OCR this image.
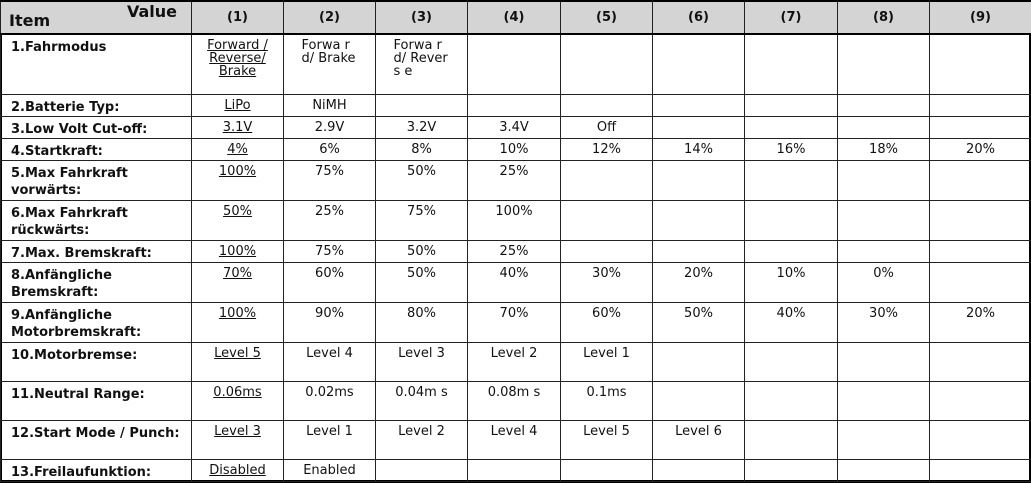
Item Value	(1)	(2)	(3)	(4)	(5)	(6)	(7)	(8)	(9)
1.Fahrmodus	Forward / Reverse/ Brake	Forwa rd/ Brake	Forwa rd/ Revers e						
2.Batterie Typ:	LiPo	NiMH							
3.Low Volt Cut-off:	3.1V	2.9V	3.2V	3.4V	Off				
4.Startkraft:	4%	6%	8%	10%	12%	14%	16%	18%	20%
5.Max Fahrkraft vorwärts:	100%	75%	50%	25%					
6.Max Fahrkraft rückwärts:	50%	25%	75%	100%					
7.Max. Bremskraft:	100%	75%	50%	25%					
8.Anfängliche Bremskraft:	70%	60%	50%	40%	30%	20%	10%	0%	
9.Anfängliche Motorbremskraft:	100%	90%	80%	70%	60%	50%	40%	30%	20%
10.Motorbremse:	Level 5	Level 4	Level 3	Level 2	Level 1				
11.Neutral Range:	0.06ms	0.02ms	0.04m s	0.08m s	0.1ms				
12.Start Mode / Punch:	Level 3	Level 1	Level 2	Level 4	Level 5	Level 6			
13.Freilaufunktion:	Disabled	Enabled							
